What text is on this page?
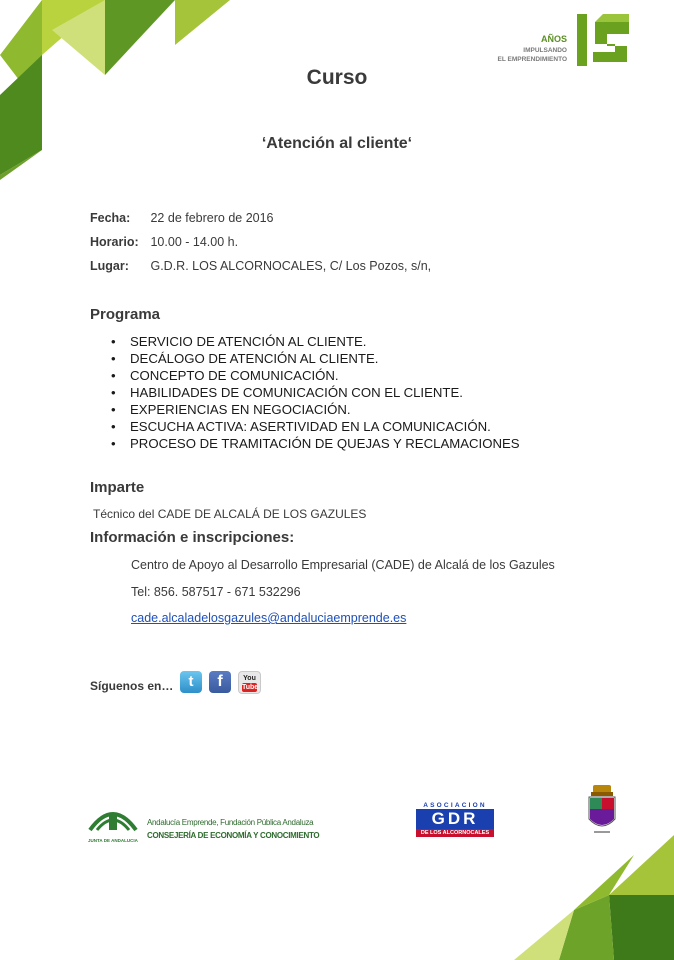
AÑOS
IMPULSANDO
EL EMPRENDIMIENTO
Curso
‘Atención al cliente‘
Fecha: 22 de febrero de 2016
Horario: 10.00 - 14.00 h.
Lugar: G.D.R. LOS ALCORNOCALES, C/ Los Pozos, s/n,
Programa
• SERVICIO DE ATENCIÓN AL CLIENTE.
• DECÁLOGO DE ATENCIÓN AL CLIENTE.
• CONCEPTO DE COMUNICACIÓN.
• HABILIDADES DE COMUNICACIÓN CON EL CLIENTE.
• EXPERIENCIAS EN NEGOCIACIÓN.
• ESCUCHA ACTIVA: ASERTIVIDAD EN LA COMUNICACIÓN.
• PROCESO DE TRAMITACIÓN DE QUEJAS Y RECLAMACIONES
Imparte
Técnico del CADE DE ALCALÁ DE LOS GAZULES
Información e inscripciones:
Centro de Apoyo al Desarrollo Empresarial (CADE) de Alcalá de los Gazules
Tel: 856. 587517 - 671 532296
cade.alcaladelosgazules@andaluciaemprende.es
Síguenos en…	t	f	You
Tube
JUNTA DE ANDALUCIA
Andalucía Emprende, Fundación Pública Andaluza
CONSEJERÍA DE ECONOMÍA Y CONOCIMIENTO
ASOCIACION
GDR
DE LOS ALCORNOCALES
